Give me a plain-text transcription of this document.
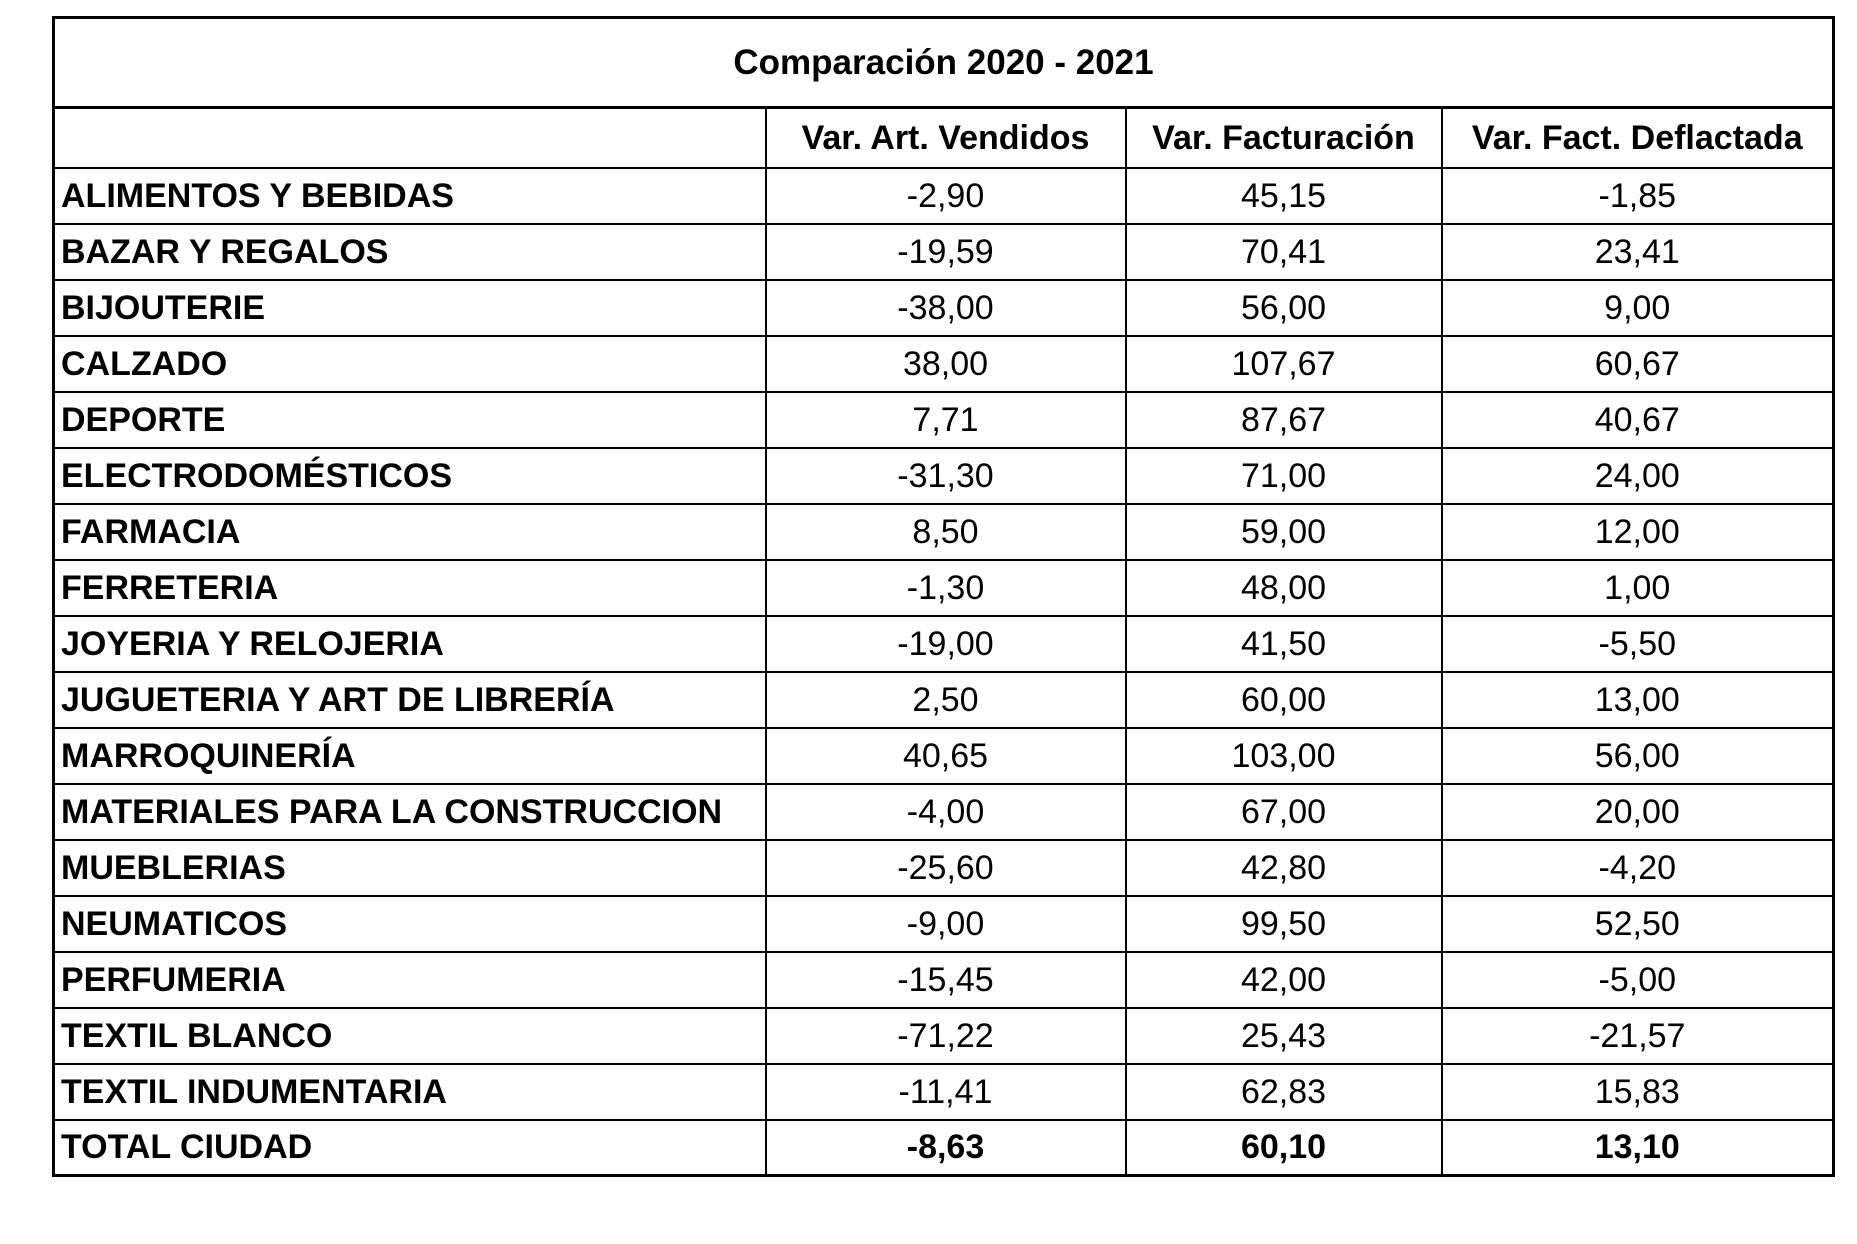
Comparación 2020 - 2021			
	Var. Art. Vendidos	Var. Facturación	Var. Fact. Deflactada
ALIMENTOS Y BEBIDAS	-2,90	45,15	-1,85
BAZAR Y REGALOS	-19,59	70,41	23,41
BIJOUTERIE	-38,00	56,00	9,00
CALZADO	38,00	107,67	60,67
DEPORTE	7,71	87,67	40,67
ELECTRODOMÉSTICOS	-31,30	71,00	24,00
FARMACIA	8,50	59,00	12,00
FERRETERIA	-1,30	48,00	1,00
JOYERIA Y RELOJERIA	-19,00	41,50	-5,50
JUGUETERIA Y ART DE LIBRERÍA	2,50	60,00	13,00
MARROQUINERÍA	40,65	103,00	56,00
MATERIALES PARA LA CONSTRUCCION	-4,00	67,00	20,00
MUEBLERIAS	-25,60	42,80	-4,20
NEUMATICOS	-9,00	99,50	52,50
PERFUMERIA	-15,45	42,00	-5,00
TEXTIL BLANCO	-71,22	25,43	-21,57
TEXTIL INDUMENTARIA	-11,41	62,83	15,83
TOTAL CIUDAD	-8,63	60,10	13,10
